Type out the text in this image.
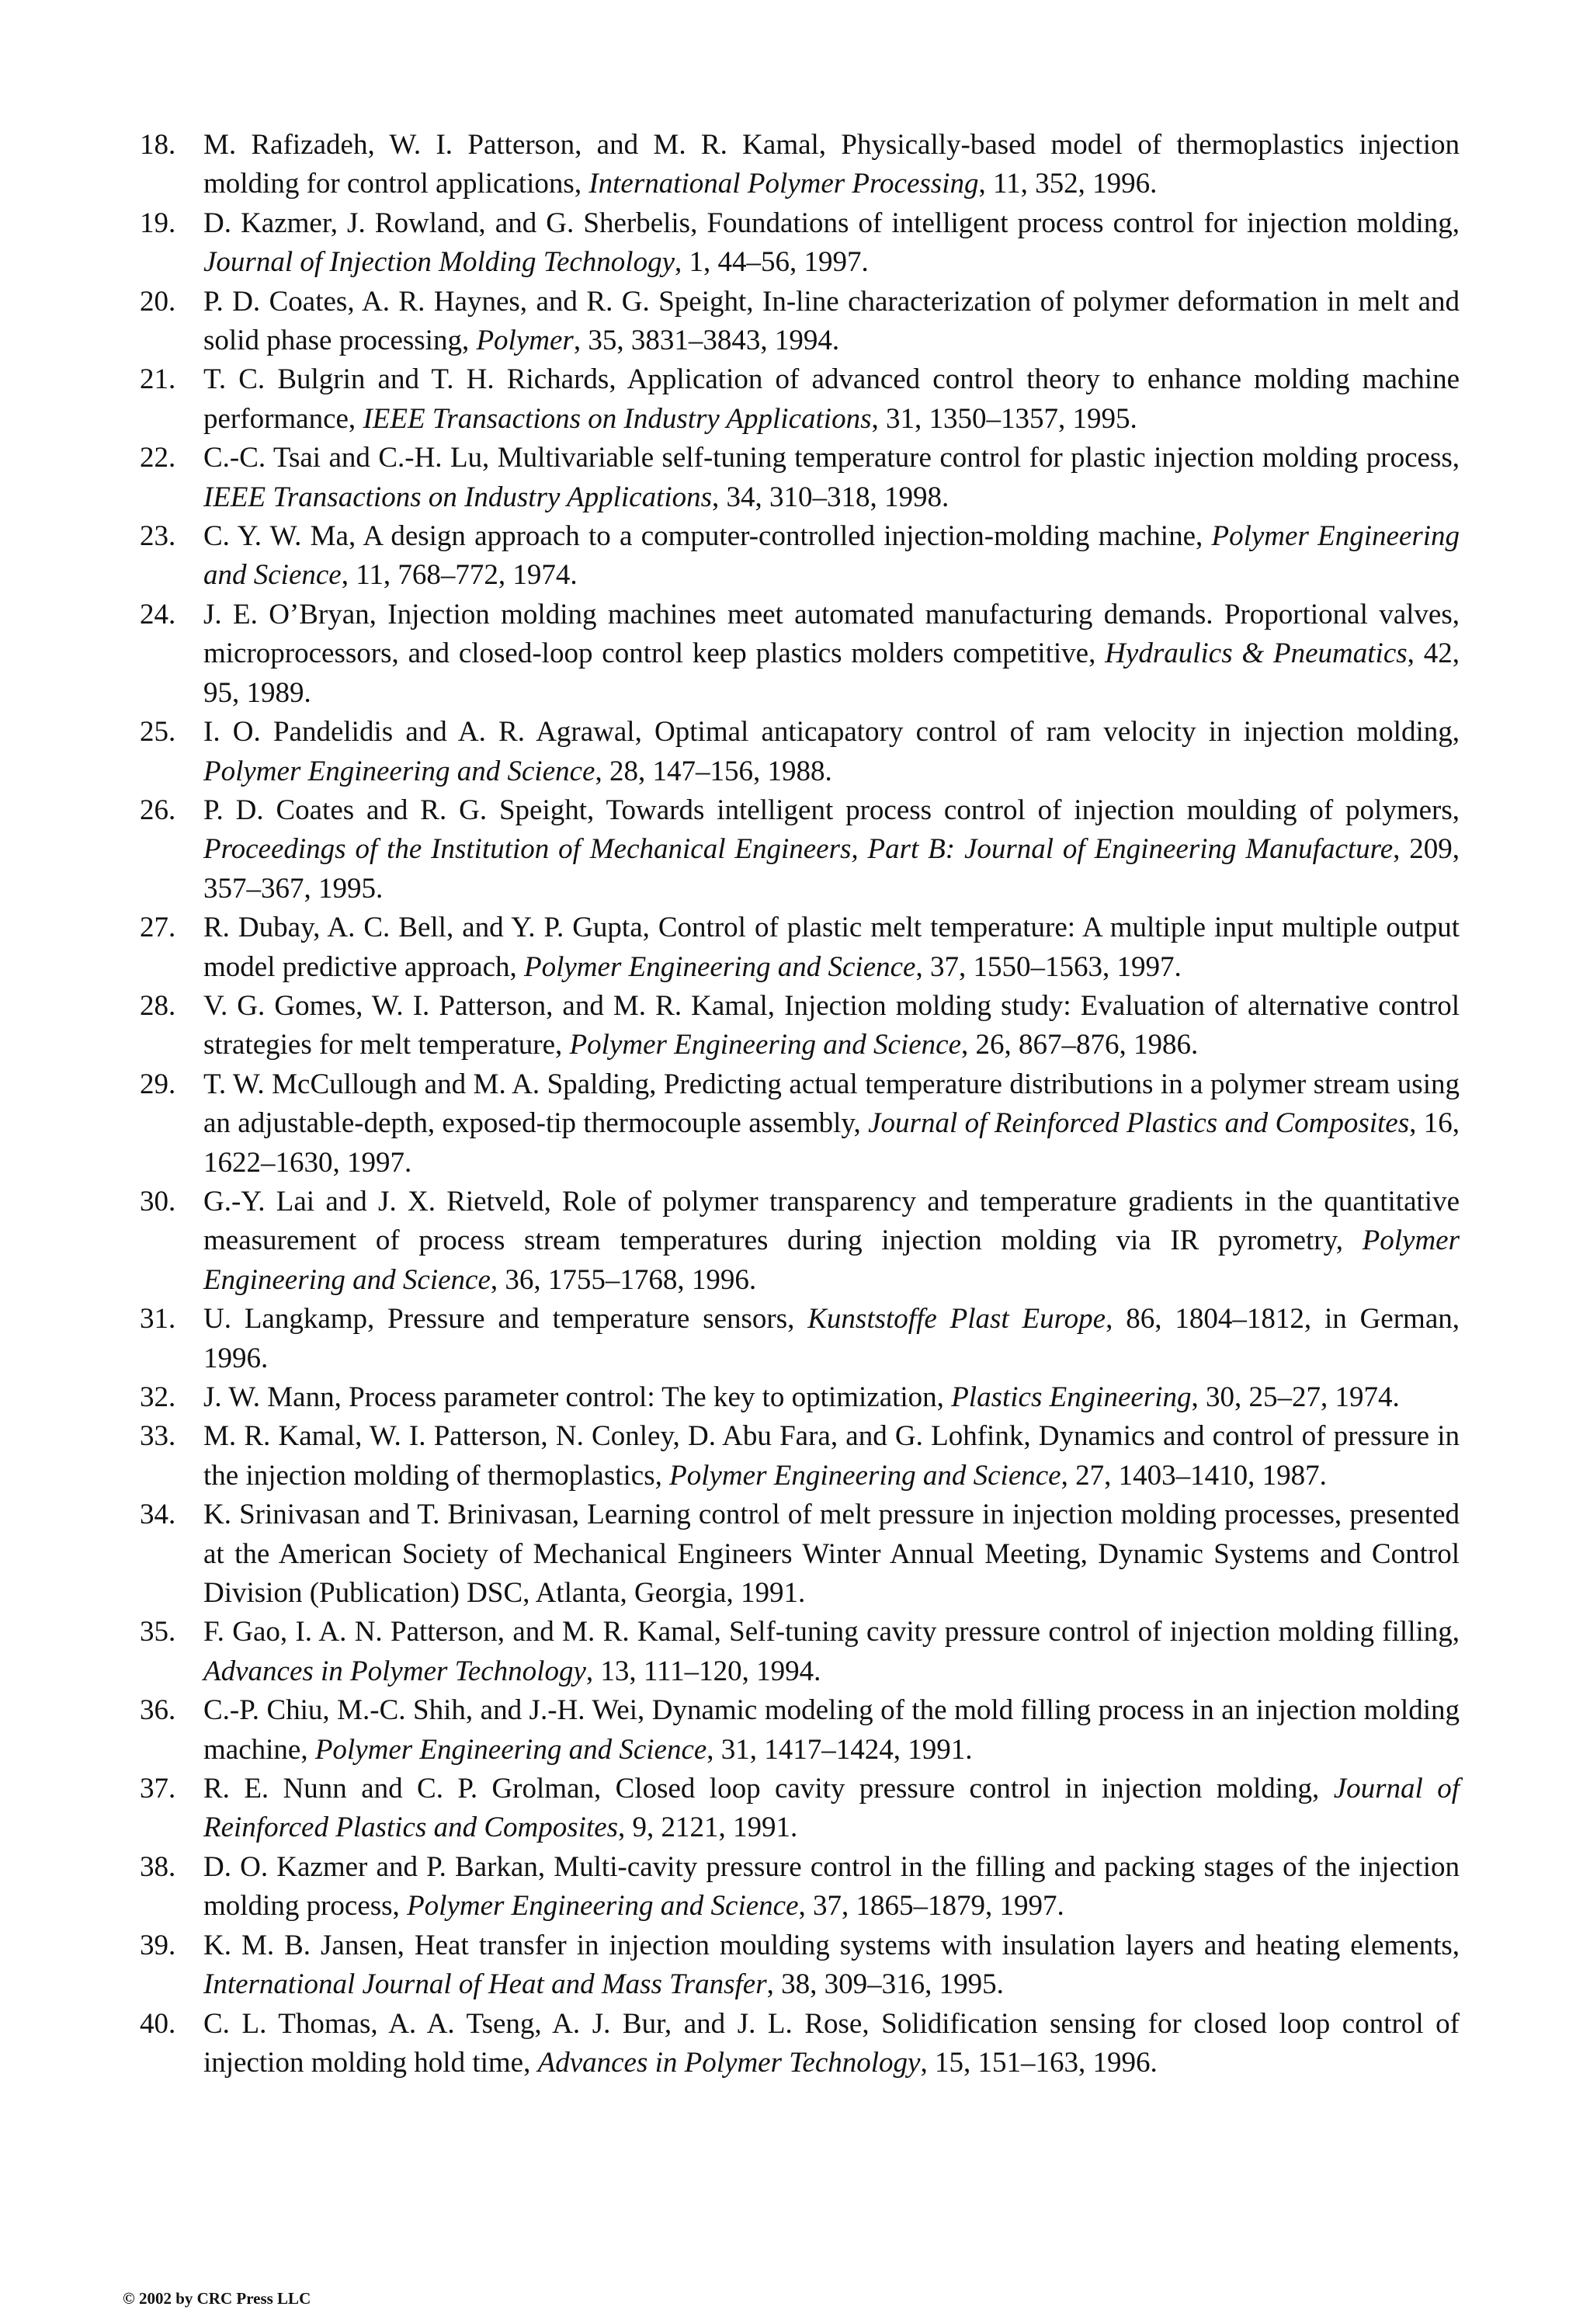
18. M. Rafizadeh, W. I. Patterson, and M. R. Kamal, Physically-based model of thermoplastics injection molding for control applications, International Polymer Processing, 11, 352, 1996.
19. D. Kazmer, J. Rowland, and G. Sherbelis, Foundations of intelligent process control for injection molding, Journal of Injection Molding Technology, 1, 44–56, 1997.
20. P. D. Coates, A. R. Haynes, and R. G. Speight, In-line characterization of polymer deformation in melt and solid phase processing, Polymer, 35, 3831–3843, 1994.
21. T. C. Bulgrin and T. H. Richards, Application of advanced control theory to enhance molding machine performance, IEEE Transactions on Industry Applications, 31, 1350–1357, 1995.
22. C.-C. Tsai and C.-H. Lu, Multivariable self-tuning temperature control for plastic injection molding process, IEEE Transactions on Industry Applications, 34, 310–318, 1998.
23. C. Y. W. Ma, A design approach to a computer-controlled injection-molding machine, Polymer Engineering and Science, 11, 768–772, 1974.
24. J. E. O’Bryan, Injection molding machines meet automated manufacturing demands. Proportional valves, microprocessors, and closed-loop control keep plastics molders competitive, Hydraulics & Pneumatics, 42, 95, 1989.
25. I. O. Pandelidis and A. R. Agrawal, Optimal anticapatory control of ram velocity in injection molding, Polymer Engineering and Science, 28, 147–156, 1988.
26. P. D. Coates and R. G. Speight, Towards intelligent process control of injection moulding of polymers, Proceedings of the Institution of Mechanical Engineers, Part B: Journal of Engineering Manufacture, 209, 357–367, 1995.
27. R. Dubay, A. C. Bell, and Y. P. Gupta, Control of plastic melt temperature: A multiple input multiple output model predictive approach, Polymer Engineering and Science, 37, 1550–1563, 1997.
28. V. G. Gomes, W. I. Patterson, and M. R. Kamal, Injection molding study: Evaluation of alternative control strategies for melt temperature, Polymer Engineering and Science, 26, 867–876, 1986.
29. T. W. McCullough and M. A. Spalding, Predicting actual temperature distributions in a polymer stream using an adjustable-depth, exposed-tip thermocouple assembly, Journal of Reinforced Plastics and Composites, 16, 1622–1630, 1997.
30. G.-Y. Lai and J. X. Rietveld, Role of polymer transparency and temperature gradients in the quantitative measurement of process stream temperatures during injection molding via IR pyrometry, Polymer Engineering and Science, 36, 1755–1768, 1996.
31. U. Langkamp, Pressure and temperature sensors, Kunststoffe Plast Europe, 86, 1804–1812, in German, 1996.
32. J. W. Mann, Process parameter control: The key to optimization, Plastics Engineering, 30, 25–27, 1974.
33. M. R. Kamal, W. I. Patterson, N. Conley, D. Abu Fara, and G. Lohfink, Dynamics and control of pressure in the injection molding of thermoplastics, Polymer Engineering and Science, 27, 1403–1410, 1987.
34. K. Srinivasan and T. Brinivasan, Learning control of melt pressure in injection molding processes, presented at the American Society of Mechanical Engineers Winter Annual Meeting, Dynamic Systems and Control Division (Publication) DSC, Atlanta, Georgia, 1991.
35. F. Gao, I. A. N. Patterson, and M. R. Kamal, Self-tuning cavity pressure control of injection molding filling, Advances in Polymer Technology, 13, 111–120, 1994.
36. C.-P. Chiu, M.-C. Shih, and J.-H. Wei, Dynamic modeling of the mold filling process in an injection molding machine, Polymer Engineering and Science, 31, 1417–1424, 1991.
37. R. E. Nunn and C. P. Grolman, Closed loop cavity pressure control in injection molding, Journal of Reinforced Plastics and Composites, 9, 2121, 1991.
38. D. O. Kazmer and P. Barkan, Multi-cavity pressure control in the filling and packing stages of the injection molding process, Polymer Engineering and Science, 37, 1865–1879, 1997.
39. K. M. B. Jansen, Heat transfer in injection moulding systems with insulation layers and heating elements, International Journal of Heat and Mass Transfer, 38, 309–316, 1995.
40. C. L. Thomas, A. A. Tseng, A. J. Bur, and J. L. Rose, Solidification sensing for closed loop control of injection molding hold time, Advances in Polymer Technology, 15, 151–163, 1996.
© 2002 by CRC Press LLC
